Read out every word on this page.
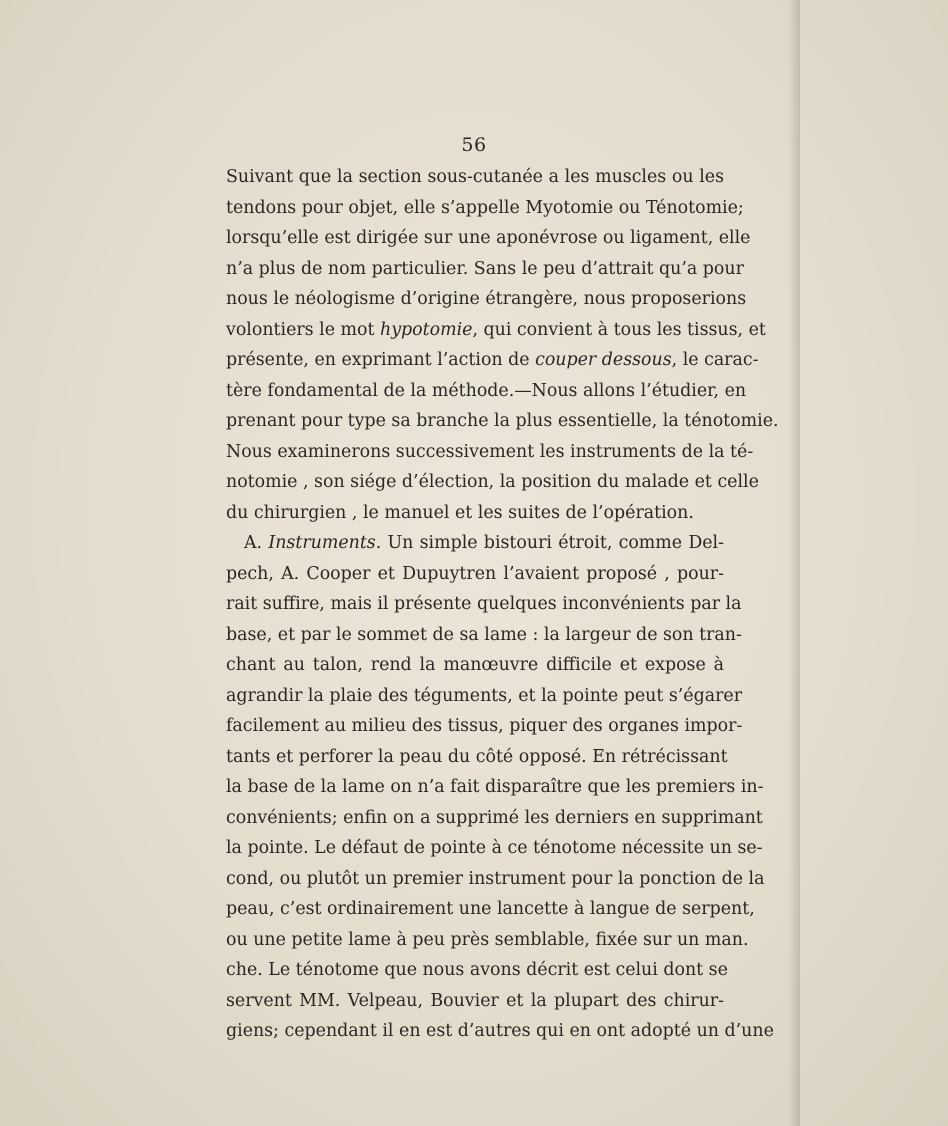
56
Suivant que la section sous-cutanée a les muscles ou les
tendons pour objet, elle s’appelle Myotomie ou Ténotomie;
lorsqu’elle est dirigée sur une aponévrose ou ligament, elle
n’a plus de nom particulier. Sans le peu d’attrait qu’a pour
nous le néologisme d’origine étrangère, nous proposerions
volontiers le mot hypotomie, qui convient à tous les tissus, et
présente, en exprimant l’action de couper dessous, le carac-
tère fondamental de la méthode.—Nous allons l’étudier, en
prenant pour type sa branche la plus essentielle, la ténotomie.
Nous examinerons successivement les instruments de la té-
notomie , son siége d’élection, la position du malade et celle
du chirurgien , le manuel et les suites de l’opération.
A. Instruments. Un simple bistouri étroit, comme Del-
pech, A. Cooper et Dupuytren l’avaient proposé , pour-
rait suffire, mais il présente quelques inconvénients par la
base, et par le sommet de sa lame : la largeur de son tran-
chant au talon, rend la manœuvre difficile et expose à
agrandir la plaie des téguments, et la pointe peut s’égarer
facilement au milieu des tissus, piquer des organes impor-
tants et perforer la peau du côté opposé. En rétrécissant
la base de la lame on n’a fait disparaître que les premiers in-
convénients; enfin on a supprimé les derniers en supprimant
la pointe. Le défaut de pointe à ce ténotome nécessite un se-
cond, ou plutôt un premier instrument pour la ponction de la
peau, c’est ordinairement une lancette à langue de serpent,
ou une petite lame à peu près semblable, fixée sur un man.
che. Le ténotome que nous avons décrit est celui dont se
servent MM. Velpeau, Bouvier et la plupart des chirur-
giens; cependant il en est d’autres qui en ont adopté un d’une
